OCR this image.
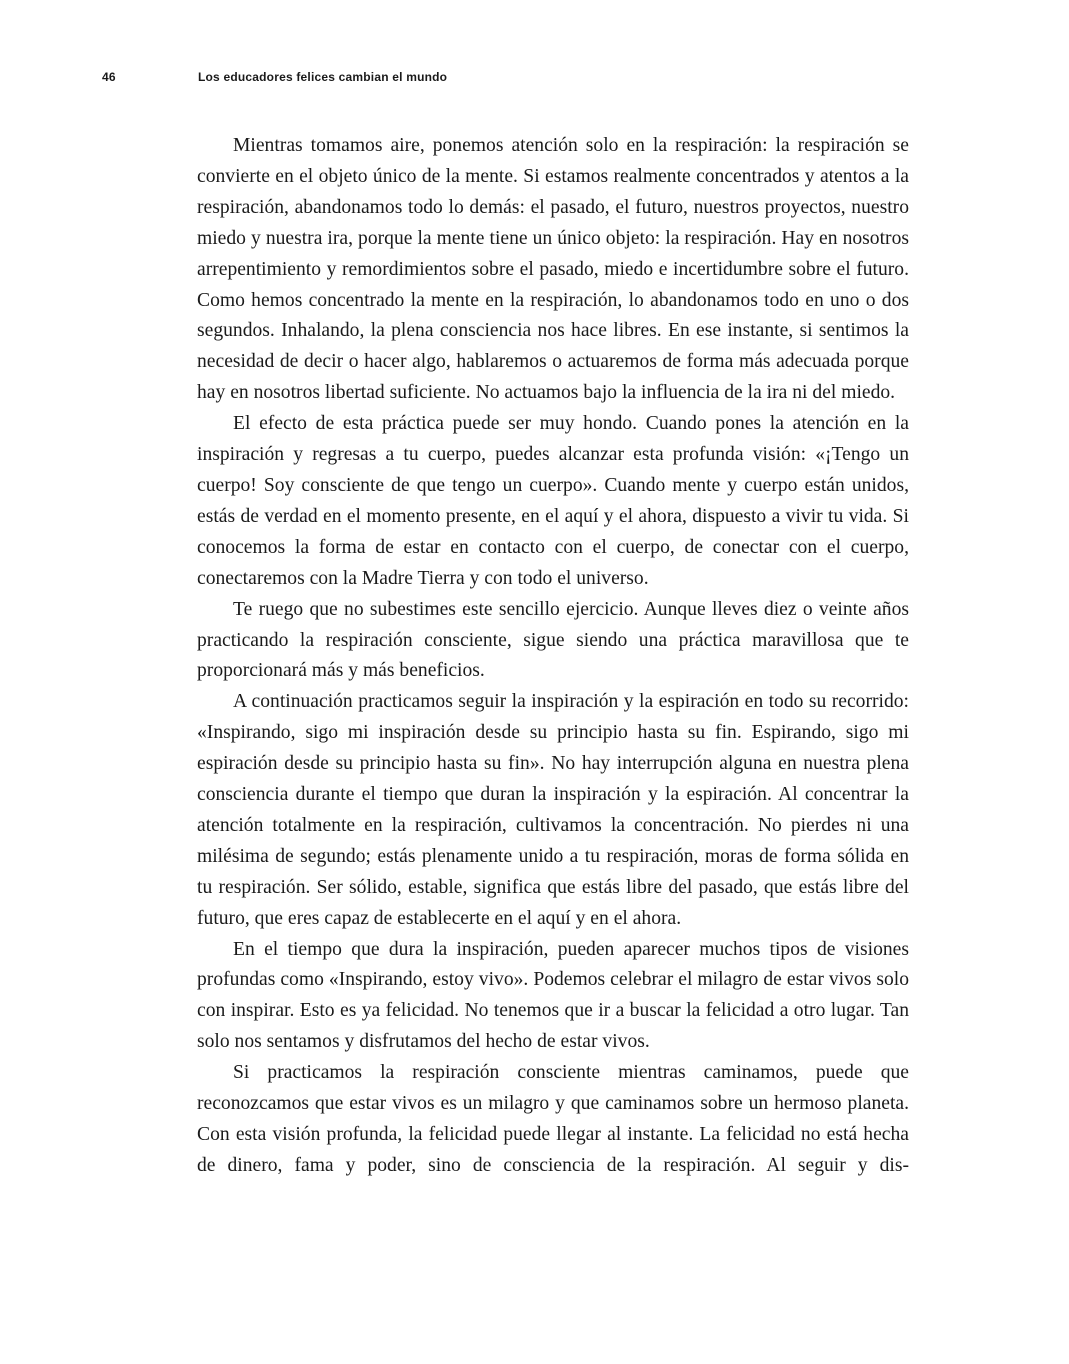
46	Los educadores felices cambian el mundo

Mientras tomamos aire, ponemos atención solo en la respiración: la respiración se convierte en el objeto único de la mente. Si estamos realmente concentrados y atentos a la respiración, abandonamos todo lo demás: el pasado, el futuro, nuestros proyectos, nuestro miedo y nuestra ira, porque la mente tiene un único objeto: la respiración. Hay en nosotros arrepentimiento y remordimientos sobre el pasado, miedo e incertidumbre sobre el futuro. Como hemos concentrado la mente en la respiración, lo abandonamos todo en uno o dos segundos. Inhalando, la plena consciencia nos hace libres. En ese instante, si sentimos la necesidad de decir o hacer algo, hablaremos o actuaremos de forma más adecuada porque hay en nosotros libertad suficiente. No actuamos bajo la influencia de la ira ni del miedo.

El efecto de esta práctica puede ser muy hondo. Cuando pones la atención en la inspiración y regresas a tu cuerpo, puedes alcanzar esta profunda visión: «¡Tengo un cuerpo! Soy consciente de que tengo un cuerpo». Cuando mente y cuerpo están unidos, estás de verdad en el momento presente, en el aquí y el ahora, dispuesto a vivir tu vida. Si conocemos la forma de estar en contacto con el cuerpo, de conectar con el cuerpo, conectaremos con la Madre Tierra y con todo el universo.

Te ruego que no subestimes este sencillo ejercicio. Aunque lleves diez o veinte años practicando la respiración consciente, sigue siendo una práctica maravillosa que te proporcionará más y más beneficios.

A continuación practicamos seguir la inspiración y la espiración en todo su recorrido: «Inspirando, sigo mi inspiración desde su principio hasta su fin. Espirando, sigo mi espiración desde su principio hasta su fin». No hay interrupción alguna en nuestra plena consciencia durante el tiempo que duran la inspiración y la espiración. Al concentrar la atención totalmente en la respiración, cultivamos la concentración. No pierdes ni una milésima de segundo; estás plenamente unido a tu respiración, moras de forma sólida en tu respiración. Ser sólido, estable, significa que estás libre del pasado, que estás libre del futuro, que eres capaz de establecerte en el aquí y en el ahora.

En el tiempo que dura la inspiración, pueden aparecer muchos tipos de visiones profundas como «Inspirando, estoy vivo». Podemos celebrar el milagro de estar vivos solo con inspirar. Esto es ya felicidad. No tenemos que ir a buscar la felicidad a otro lugar. Tan solo nos sentamos y disfrutamos del hecho de estar vivos.

Si practicamos la respiración consciente mientras caminamos, puede que reconozcamos que estar vivos es un milagro y que caminamos sobre un hermoso planeta. Con esta visión profunda, la felicidad puede llegar al instante. La felicidad no está hecha de dinero, fama y poder, sino de consciencia de la respiración. Al seguir y dis-
